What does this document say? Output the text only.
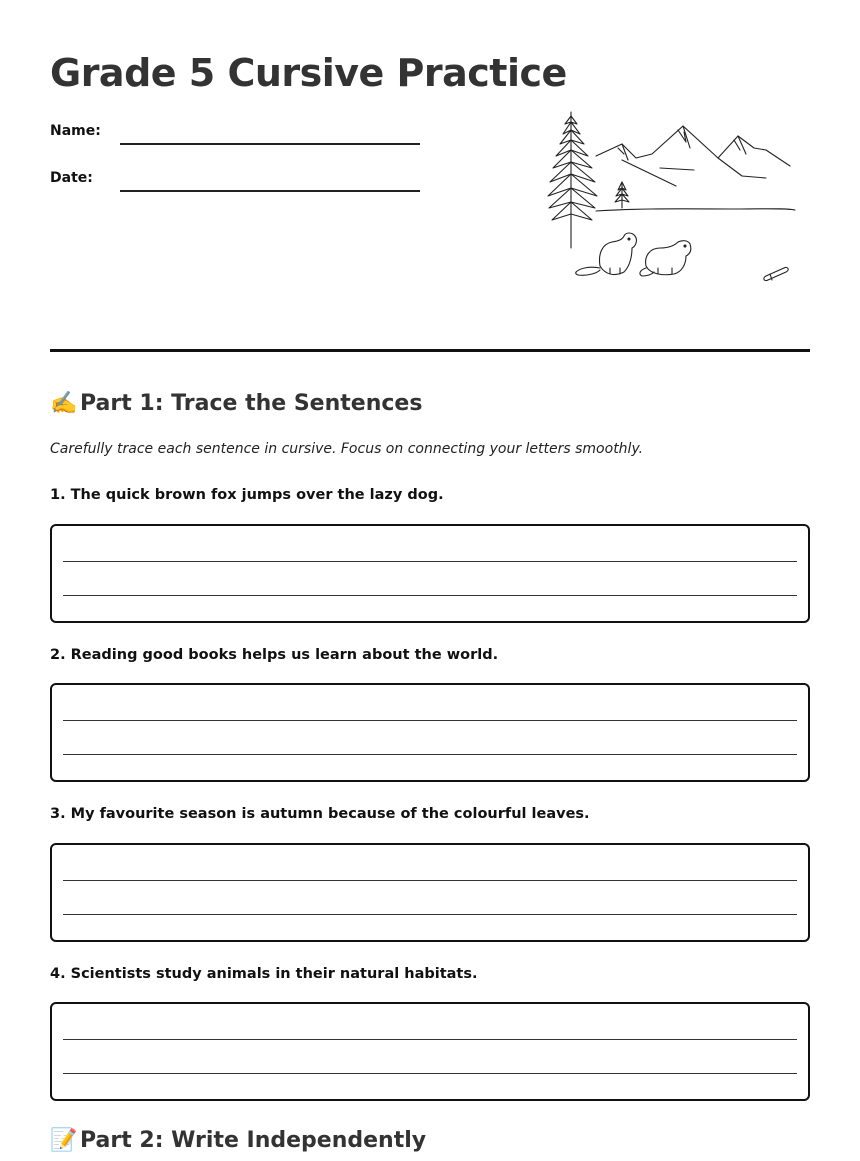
Grade 5 Cursive Practice
Name:
Date:
✍️ Part 1: Trace the Sentences
Carefully trace each sentence in cursive. Focus on connecting your letters smoothly.
1. The quick brown fox jumps over the lazy dog.
2. Reading good books helps us learn about the world.
3. My favourite season is autumn because of the colourful leaves.
4. Scientists study animals in their natural habitats.
📝 Part 2: Write Independently
